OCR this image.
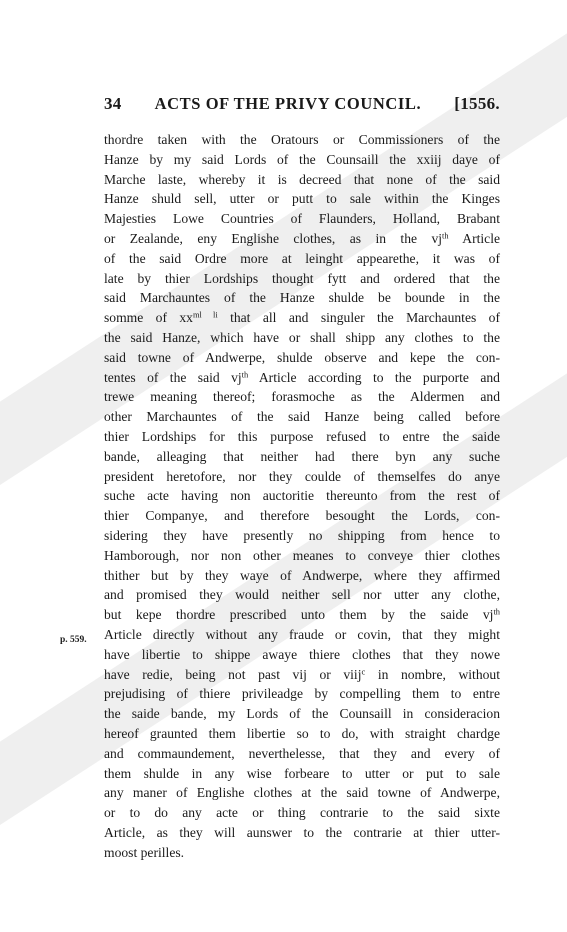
34 ACTS OF THE PRIVY COUNCIL. [1556.
p. 559.
thordre taken with the Oratours or Commissioners of the
Hanze by my said Lords of the Counsaill the xxiij daye of
Marche laste, whereby it is decreed that none of the said
Hanze shuld sell, utter or putt to sale within the Kinges
Majesties Lowe Countries of Flaunders, Holland, Brabant
or Zealande, eny Englishe clothes, as in the $vj^{th}$ Article
of the said Ordre more at leinght appearethe, it was of
late by thier Lordships thought fytt and ordered that the
said Marchauntes of the Hanze shulde be bounde in the
somme of $xx^{ml li}$ that all and singuler the Marchauntes of
the said Hanze, which have or shall shipp any clothes to the
said towne of Andwerpe, shulde observe and kepe the con-
tentes of the said $vj^{th}$ Article according to the purporte and
trewe meaning thereof; forasmoche as the Aldermen and
other Marchauntes of the said Hanze being called before
thier Lordships for this purpose refused to entre the saide
bande, alleaging that neither had there byn any suche
president heretofore, nor they coulde of themselfes do anye
suche acte having non auctoritie thereunto from the rest of
thier Companye, and therefore besought the Lords, con-
sidering they have presently no shipping from hence to
Hamborough, nor non other meanes to conveye thier clothes
thither but by they waye of Andwerpe, where they affirmed
and promised they would neither sell nor utter any clothe,
but kepe thordre prescribed unto them by the saide $vj^{th}$
Article directly without any fraude or covin, that they might
have libertie to shippe awaye thiere clothes that they nowe
have redie, being not past vij or viij$^c$ in nombre, without
prejudising of thiere privileadge by compelling them to entre
the saide bande, my Lords of the Counsaill in consideracion
hereof graunted them libertie so to do, with straight chardge
and commaundement, neverthelesse, that they and every of
them shulde in any wise forbeare to utter or put to sale
any maner of Englishe clothes at the said towne of Andwerpe,
or to do any acte or thing contrarie to the said sixte
Article, as they will aunswer to the contrarie at thier utter-
moost perilles.
